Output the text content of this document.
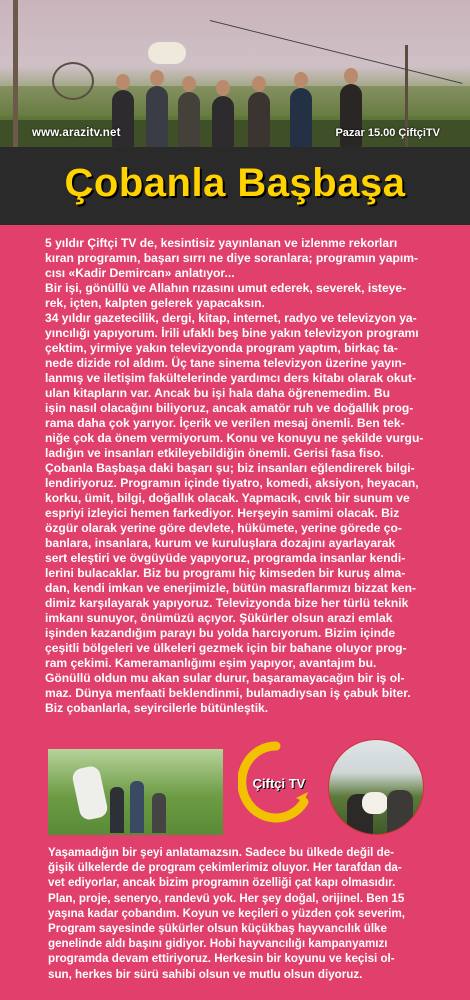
www.arazitv.net	Pazar 15.00 ÇiftçiTV
Çobanla Başbaşa

5 yıldır Çiftçi TV de, kesintisiz yayınlanan ve izlenme rekorları
kıran programın, başarı sırrı ne diye soranlara; programın yapım-
cısı «Kadir Demircan» anlatıyor...
Bir işi, gönüllü ve Allahın rızasını umut ederek, severek, isteye-
rek, içten, kalpten gelerek yapacaksın.
34 yıldır gazetecilik, dergi, kitap, internet, radyo ve televizyon ya-
yıncılığı yapıyorum. İrili ufaklı beş bine yakın televizyon programı
çektim, yirmiye yakın televizyonda program yaptım, birkaç ta-
nede dizide rol aldım. Üç tane sinema televizyon üzerine yayın-
lanmış ve iletişim fakültelerinde yardımcı ders kitabı olarak okut-
ulan kitapların var. Ancak bu işi hala daha öğrenemedim. Bu
işin nasıl olacağını biliyoruz, ancak amatör ruh ve doğallık prog-
rama daha çok yarıyor. İçerik ve verilen mesaj önemli. Ben tek-
niğe çok da önem vermiyorum. Konu ve konuyu ne şekilde vurgu-
ladığın ve insanları etkileyebildiğin önemli. Gerisi fasa fiso.
Çobanla Başbaşa daki başarı şu; biz insanları eğlendirerek bilgi-
lendiriyoruz. Programın içinde tiyatro, komedi, aksiyon, heyacan,
korku, ümit, bilgi, doğallık olacak. Yapmacık, cıvık bir sunum ve
espriyi izleyici hemen farkediyor. Herşeyin samimi olacak. Biz
özgür olarak yerine göre devlete, hükümete, yerine görede ço-
banlara, insanlara, kurum ve kuruluşlara dozajını ayarlayarak
sert eleştiri ve övgüyüde yapıyoruz, programda insanlar kendi-
lerini bulacaklar. Biz bu programı hiç kimseden bir kuruş alma-
dan, kendi imkan ve enerjimizle, bütün masraflarımızı bizzat ken-
dimiz karşılayarak yapıyoruz. Televizyonda bize her türlü teknik
imkanı sunuyor, önümüzü açıyor. Şükürler olsun arazi emlak
işinden kazandığım parayı bu yolda harcıyorum. Bizim içinde
çeşitli bölgeleri ve ülkeleri gezmek için bir bahane oluyor prog-
ram çekimi. Kameramanlığımı eşim yapıyor, avantajım bu.
Gönüllü oldun mu akan sular durur, başaramayacağın bir iş ol-
maz. Dünya menfaati beklendinmi, bulamadıysan iş çabuk biter.
Biz çobanlarla, seyircilerle bütünleştik.

Çiftçi TV

Yaşamadığın bir şeyi anlatamazsın. Sadece bu ülkede değil de-
ğişik ülkelerde de program çekimlerimiz oluyor. Her tarafdan da-
vet ediyorlar, ancak bizim programın özelliği çat kapı olmasıdır.
Plan, proje, seneryo, randevü yok. Her şey doğal, orijinel. Ben 15
yaşına kadar çobandım. Koyun ve keçileri o yüzden çok severim,
Program sayesinde şükürler olsun küçükbaş hayvancılık ülke
genelinde aldı başını gidiyor. Hobi hayvancılığı kampanyamızı
programda devam ettiriyoruz. Herkesin bir koyunu ve keçisi ol-
sun, herkes bir sürü sahibi olsun ve mutlu olsun diyoruz.
